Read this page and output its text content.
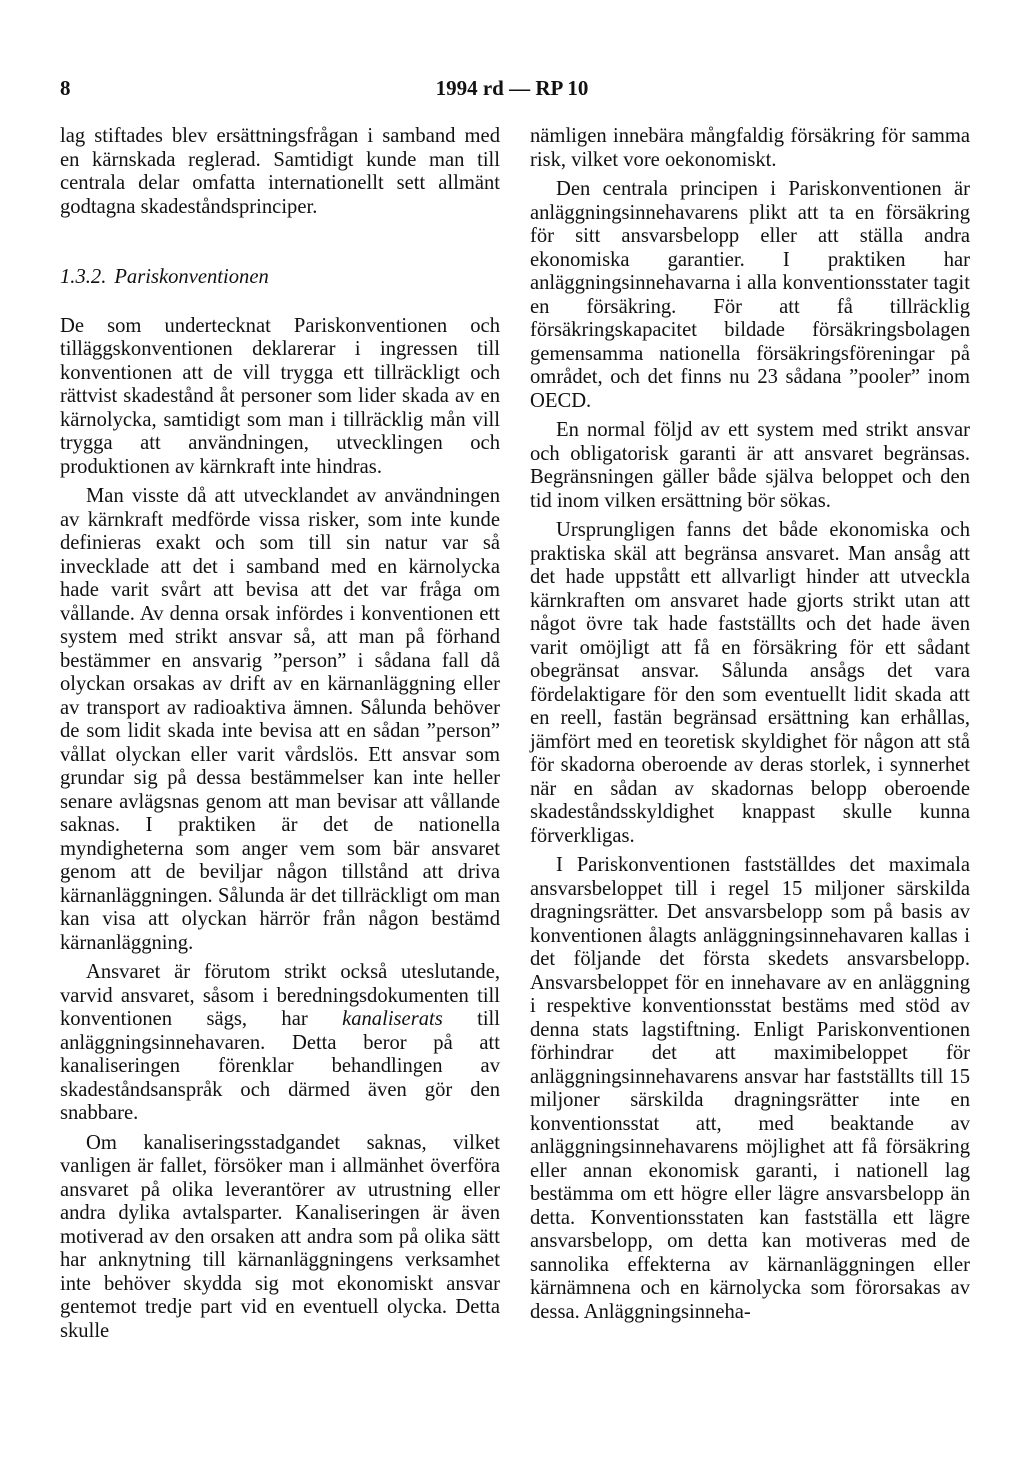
8	1994 rd — RP 10

lag stiftades blev ersättningsfrågan i samband med en kärnskada reglerad. Samtidigt kunde man till centrala delar omfatta internationellt sett allmänt godtagna skadeståndsprinciper.

1.3.2. Pariskonventionen

De som undertecknat Pariskonventionen och tilläggskonventionen deklarerar i ingressen till konventionen att de vill trygga ett tillräckligt och rättvist skadestånd åt personer som lider skada av en kärnolycka, samtidigt som man i tillräcklig mån vill trygga att användningen, utvecklingen och produktionen av kärnkraft inte hindras.

Man visste då att utvecklandet av användningen av kärnkraft medförde vissa risker, som inte kunde definieras exakt och som till sin natur var så invecklade att det i samband med en kärnolycka hade varit svårt att bevisa att det var fråga om vållande. Av denna orsak infördes i konventionen ett system med strikt ansvar så, att man på förhand bestämmer en ansvarig ”person” i sådana fall då olyckan orsakas av drift av en kärnanläggning eller av transport av radioaktiva ämnen. Sålunda behöver de som lidit skada inte bevisa att en sådan ”person” vållat olyckan eller varit vårdslös. Ett ansvar som grundar sig på dessa bestämmelser kan inte heller senare avlägsnas genom att man bevisar att vållande saknas. I praktiken är det de nationella myndigheterna som anger vem som bär ansvaret genom att de beviljar någon tillstånd att driva kärnanläggningen. Sålunda är det tillräckligt om man kan visa att olyckan härrör från någon bestämd kärnanläggning.

Ansvaret är förutom strikt också uteslutande, varvid ansvaret, såsom i beredningsdokumenten till konventionen sägs, har kanaliserats till anläggningsinnehavaren. Detta beror på att kanaliseringen förenklar behandlingen av skadeståndsanspråk och därmed även gör den snabbare.

Om kanaliseringsstadgandet saknas, vilket vanligen är fallet, försöker man i allmänhet överföra ansvaret på olika leverantörer av utrustning eller andra dylika avtalsparter. Kanaliseringen är även motiverad av den orsaken att andra som på olika sätt har anknytning till kärnanläggningens verksamhet inte behöver skydda sig mot ekonomiskt ansvar gentemot tredje part vid en eventuell olycka. Detta skulle

nämligen innebära mångfaldig försäkring för samma risk, vilket vore oekonomiskt.

Den centrala principen i Pariskonventionen är anläggningsinnehavarens plikt att ta en försäkring för sitt ansvarsbelopp eller att ställa andra ekonomiska garantier. I praktiken har anläggningsinnehavarna i alla konventionsstater tagit en försäkring. För att få tillräcklig försäkringskapacitet bildade försäkringsbolagen gemensamma nationella försäkringsföreningar på området, och det finns nu 23 sådana ”pooler” inom OECD.

En normal följd av ett system med strikt ansvar och obligatorisk garanti är att ansvaret begränsas. Begränsningen gäller både själva beloppet och den tid inom vilken ersättning bör sökas.

Ursprungligen fanns det både ekonomiska och praktiska skäl att begränsa ansvaret. Man ansåg att det hade uppstått ett allvarligt hinder att utveckla kärnkraften om ansvaret hade gjorts strikt utan att något övre tak hade fastställts och det hade även varit omöjligt att få en försäkring för ett sådant obegränsat ansvar. Sålunda ansågs det vara fördelaktigare för den som eventuellt lidit skada att en reell, fastän begränsad ersättning kan erhållas, jämfört med en teoretisk skyldighet för någon att stå för skadorna oberoende av deras storlek, i synnerhet när en sådan av skadornas belopp oberoende skadeståndsskyldighet knappast skulle kunna förverkligas.

I Pariskonventionen fastställdes det maximala ansvarsbeloppet till i regel 15 miljoner särskilda dragningsrätter. Det ansvarsbelopp som på basis av konventionen ålagts anläggningsinnehavaren kallas i det följande det första skedets ansvarsbelopp. Ansvarsbeloppet för en innehavare av en anläggning i respektive konventionsstat bestäms med stöd av denna stats lagstiftning. Enligt Pariskonventionen förhindrar det att maximibeloppet för anläggningsinnehavarens ansvar har fastställts till 15 miljoner särskilda dragningsrätter inte en konventionsstat att, med beaktande av anläggningsinnehavarens möjlighet att få försäkring eller annan ekonomisk garanti, i nationell lag bestämma om ett högre eller lägre ansvarsbelopp än detta. Konventionsstaten kan fastställa ett lägre ansvarsbelopp, om detta kan motiveras med de sannolika effekterna av kärnanläggningen eller kärnämnena och en kärnolycka som förorsakas av dessa. Anläggningsinneha-
